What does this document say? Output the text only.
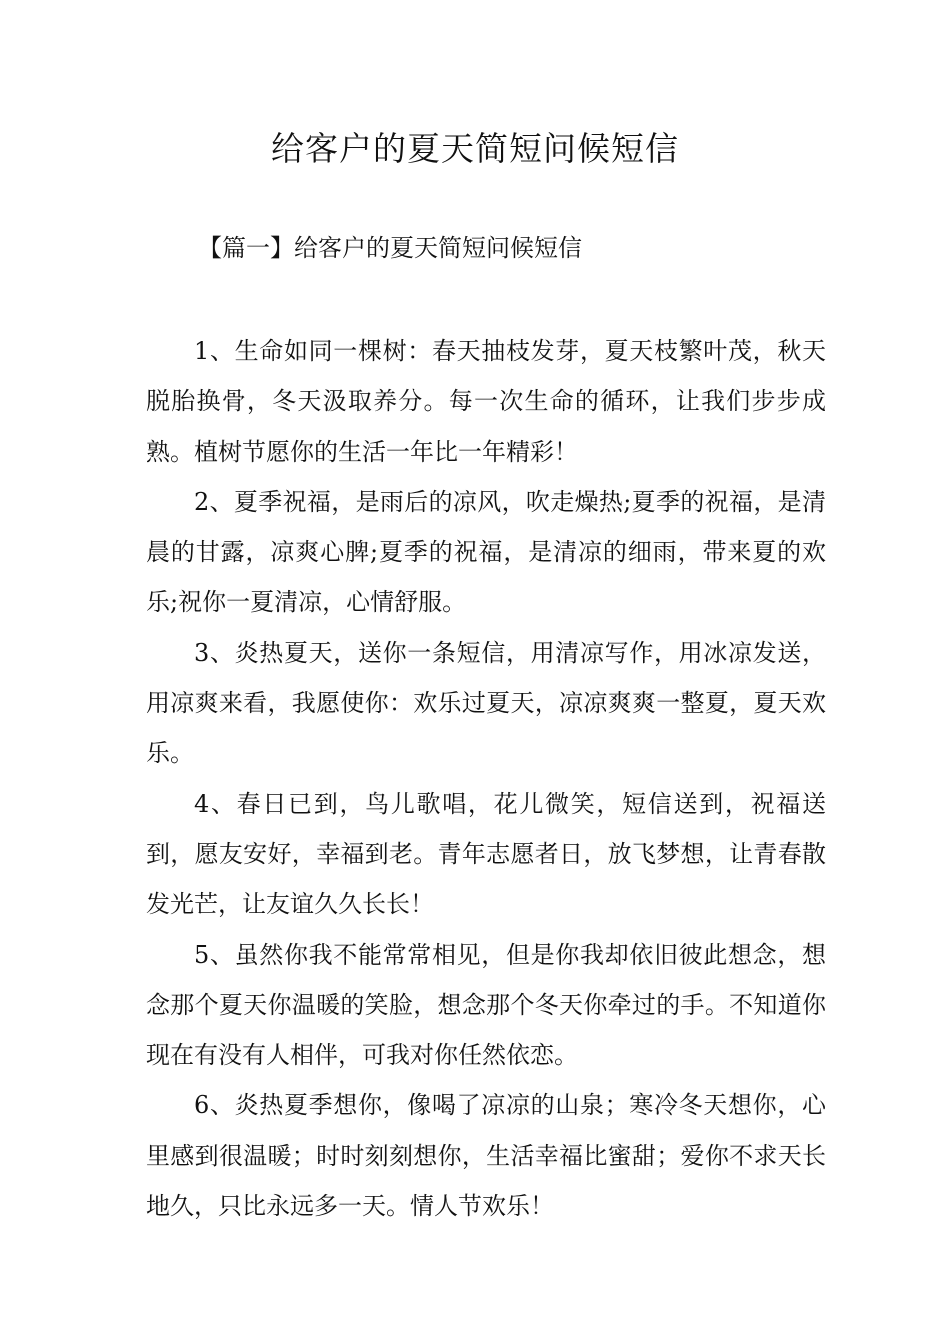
给客户的夏天简短问候短信

【篇一】给客户的夏天简短问候短信

1、生命如同一棵树：春天抽枝发芽，夏天枝繁叶茂，秋天脱胎换骨，冬天汲取养分。每一次生命的循环，让我们步步成熟。植树节愿你的生活一年比一年精彩！

2、夏季祝福，是雨后的凉风，吹走燥热;夏季的祝福，是清晨的甘露，凉爽心脾;夏季的祝福，是清凉的细雨，带来夏的欢乐;祝你一夏清凉，心情舒服。

3、炎热夏天，送你一条短信，用清凉写作，用冰凉发送，用凉爽来看，我愿使你：欢乐过夏天，凉凉爽爽一整夏，夏天欢乐。

4、春日已到，鸟儿歌唱，花儿微笑，短信送到，祝福送到，愿友安好，幸福到老。青年志愿者日，放飞梦想，让青春散发光芒，让友谊久久长长！

5、虽然你我不能常常相见，但是你我却依旧彼此想念，想念那个夏天你温暖的笑脸，想念那个冬天你牵过的手。不知道你现在有没有人相伴，可我对你任然依恋。

6、炎热夏季想你，像喝了凉凉的山泉；寒冷冬天想你，心里感到很温暖；时时刻刻想你，生活幸福比蜜甜；爱你不求天长地久，只比永远多一天。情人节欢乐！
